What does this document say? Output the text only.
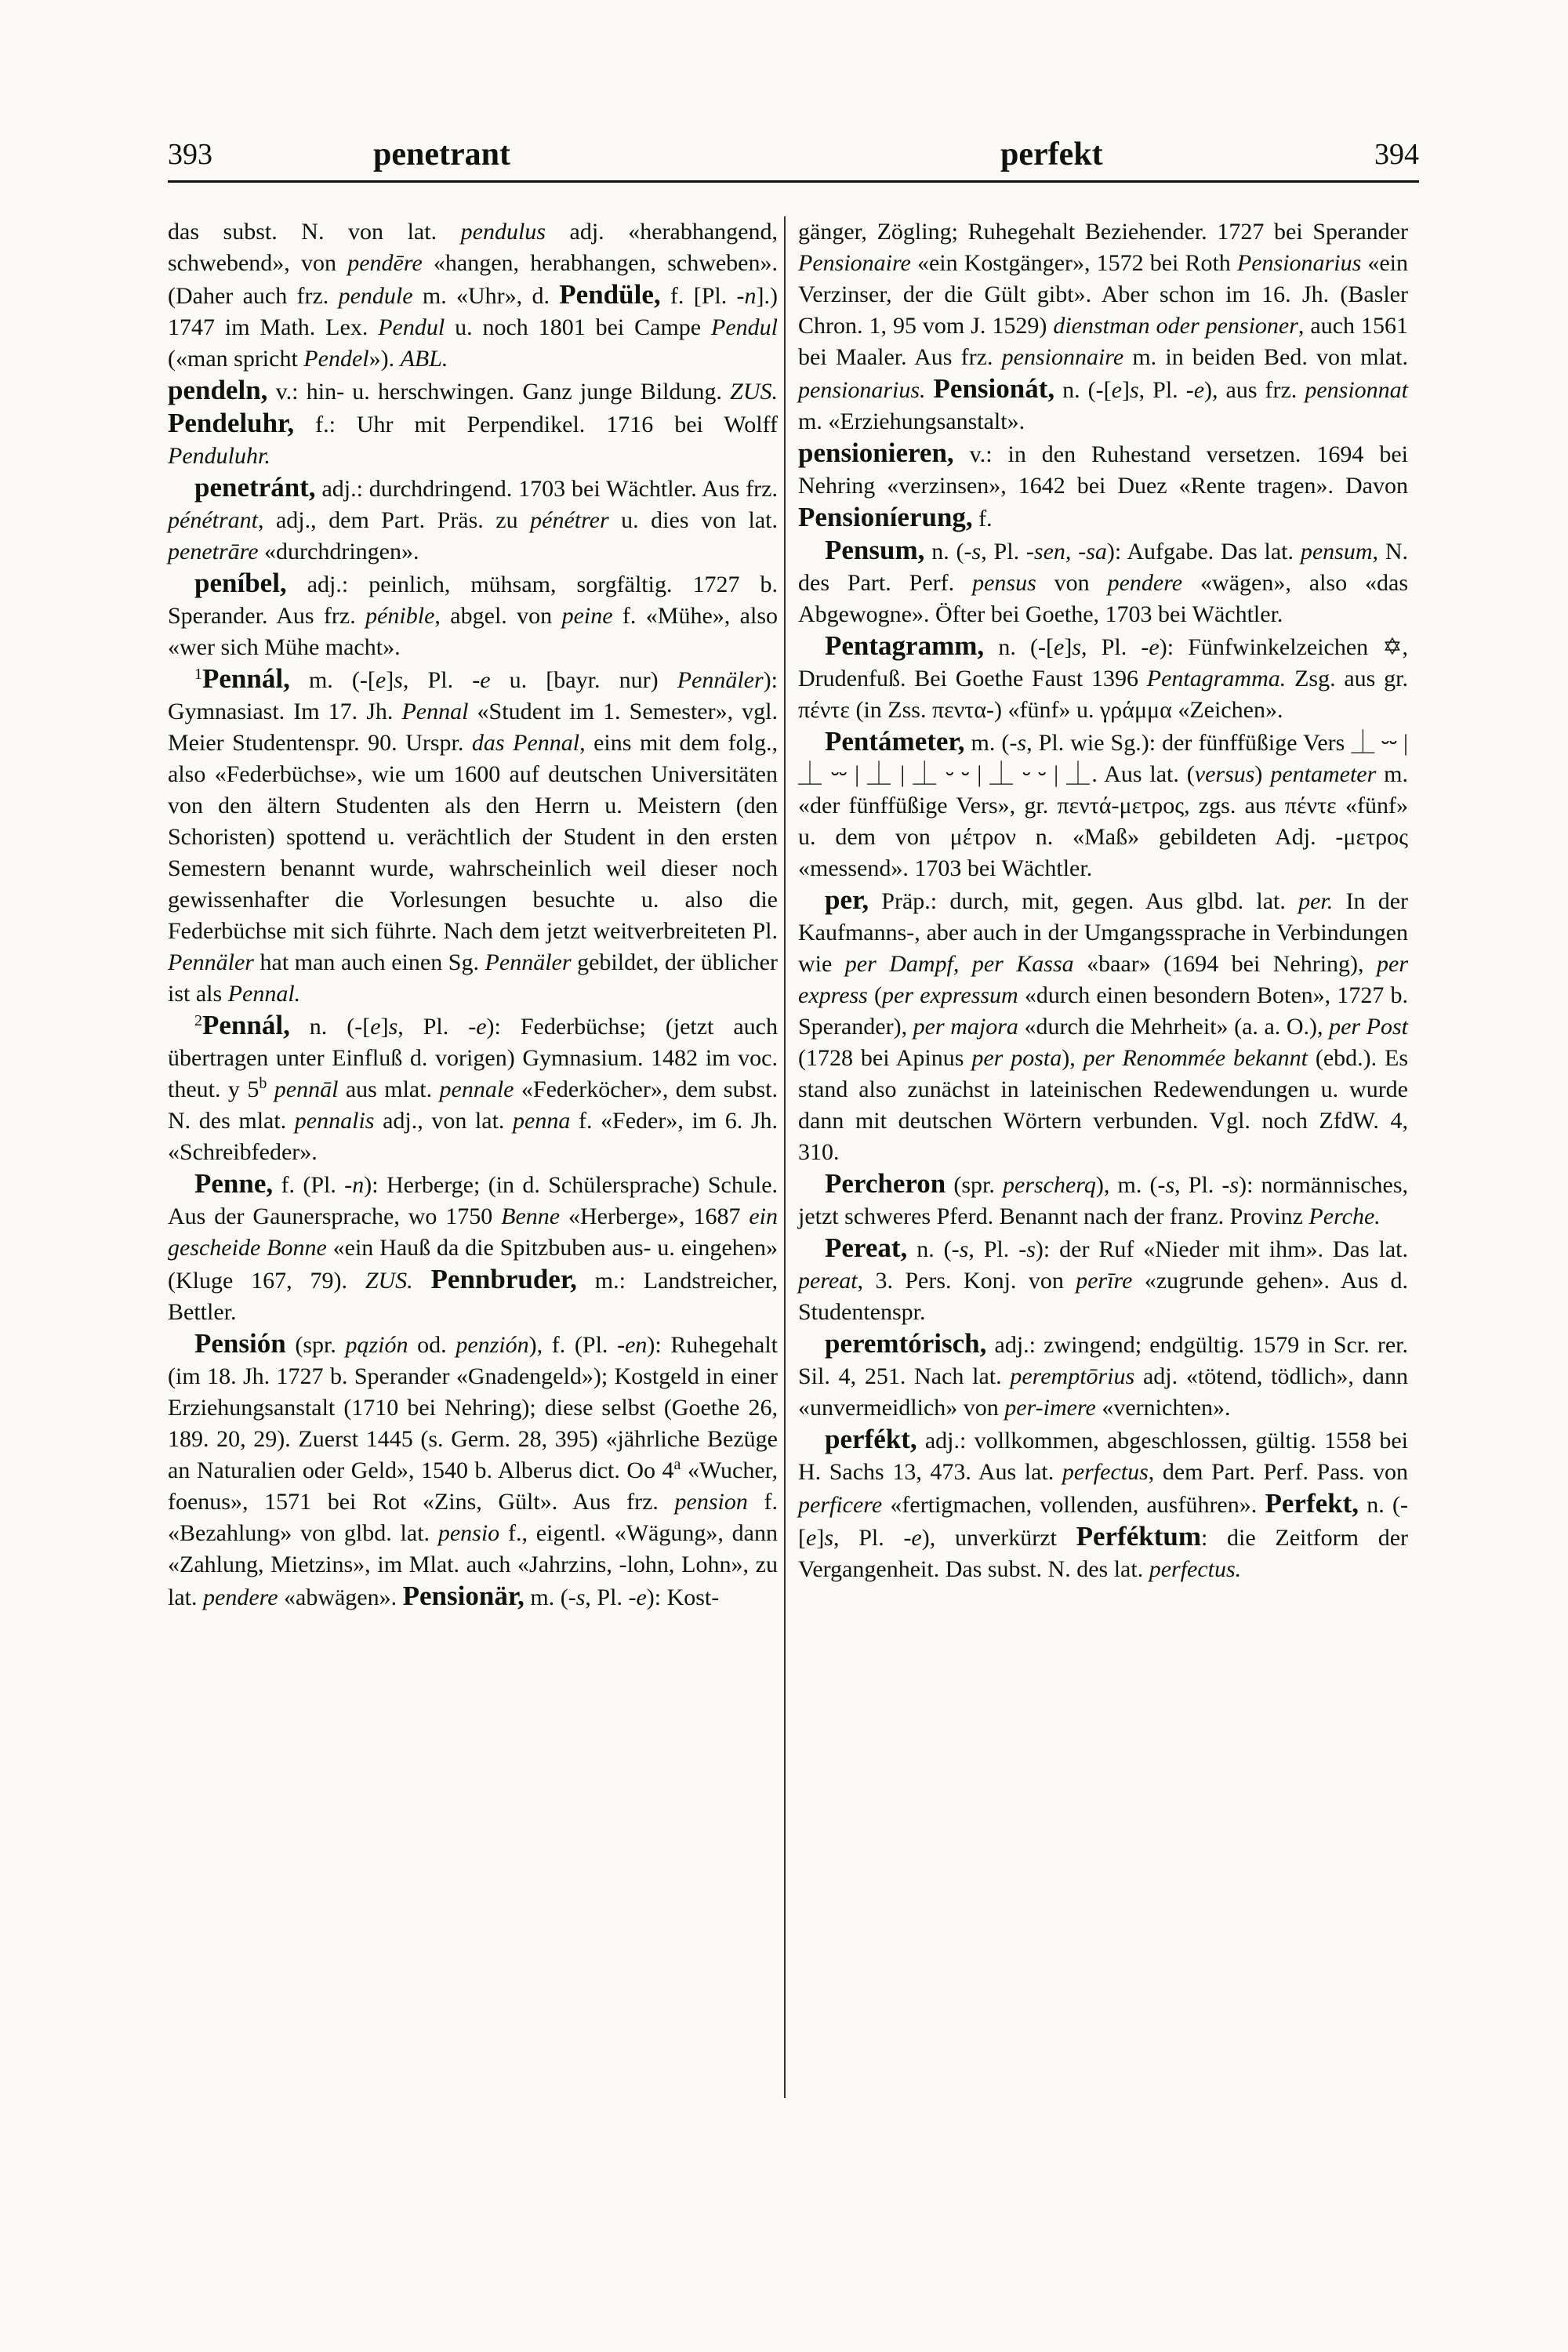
393	penetrant	perfekt	394

das subst. N. von lat. pendulus adj. «herabhangend, schwebend», von pendēre «hangen, herabhangen, schweben». (Daher auch frz. pendule m. «Uhr», d. Pendüle, f. [Pl. -n].) 1747 im Math. Lex. Pendul u. noch 1801 bei Campe Pendul («man spricht Pendel»). ABL.

pendeln, v.: hin- u. herschwingen. Ganz junge Bildung. ZUS. Pendeluhr, f.: Uhr mit Perpendikel. 1716 bei Wolff Penduluhr.

penetránt, adj.: durchdringend. 1703 bei Wächtler. Aus frz. pénétrant, adj., dem Part. Präs. zu pénétrer u. dies von lat. penetrāre «durchdringen».

peníbel, adj.: peinlich, mühsam, sorgfältig. 1727 b. Sperander. Aus frz. pénible, abgel. von peine f. «Mühe», also «wer sich Mühe macht».

$^1$Pennál, m. (-[e]s, Pl. -e u. [bayr. nur) Pennäler): Gymnasiast. Im 17. Jh. Pennal «Student im 1. Semester», vgl. Meier Studentenspr. 90. Urspr. das Pennal, eins mit dem folg., also «Federbüchse», wie um 1600 auf deutschen Universitäten von den ältern Studenten als den Herrn u. Meistern (den Schoristen) spottend u. verächtlich der Student in den ersten Semestern benannt wurde, wahrscheinlich weil dieser noch gewissenhafter die Vorlesungen besuchte u. also die Federbüchse mit sich führte. Nach dem jetzt weitverbreiteten Pl. Pennäler hat man auch einen Sg. Pennäler gebildet, der üblicher ist als Pennal.

$^2$Pennál, n. (-[e]s, Pl. -e): Federbüchse; (jetzt auch übertragen unter Einfluß d. vorigen) Gymnasium. 1482 im voc. theut. y 5$^b$ pennāl aus mlat. pennale «Federköcher», dem subst. N. des mlat. pennalis adj., von lat. penna f. «Feder», im 6. Jh. «Schreibfeder».

Penne, f. (Pl. -n): Herberge; (in d. Schülersprache) Schule. Aus der Gaunersprache, wo 1750 Benne «Herberge», 1687 ein gescheide Bonne «ein Hauß da die Spitzbuben aus- u. eingehen» (Kluge 167, 79). ZUS. Pennbruder, m.: Landstreicher, Bettler.

Pensión (spr. pązión od. penzión), f. (Pl. -en): Ruhegehalt (im 18. Jh. 1727 b. Sperander «Gnadengeld»); Kostgeld in einer Erziehungsanstalt (1710 bei Nehring); diese selbst (Goethe 26, 189. 20, 29). Zuerst 1445 (s. Germ. 28, 395) «jährliche Bezüge an Naturalien oder Geld», 1540 b. Alberus dict. Oo 4$^a$ «Wucher, foenus», 1571 bei Rot «Zins, Gült». Aus frz. pension f. «Bezahlung» von glbd. lat. pensio f., eigentl. «Wägung», dann «Zahlung, Mietzins», im Mlat. auch «Jahrzins, -lohn, Lohn», zu lat. pendere «abwägen». Pensionär, m. (-s, Pl. -e): Kost-

gänger, Zögling; Ruhegehalt Beziehender. 1727 bei Sperander Pensionaire «ein Kostgänger», 1572 bei Roth Pensionarius «ein Verzinser, der die Gült gibt». Aber schon im 16. Jh. (Basler Chron. 1, 95 vom J. 1529) dienstman oder pensioner, auch 1561 bei Maaler. Aus frz. pensionnaire m. in beiden Bed. von mlat. pensionarius. Pensionát, n. (-[e]s, Pl. -e), aus frz. pensionnat m. «Erziehungsanstalt».

pensionieren, v.: in den Ruhestand versetzen. 1694 bei Nehring «verzinsen», 1642 bei Duez «Rente tragen». Davon Pensioníerung, f.

Pensum, n. (-s, Pl. -sen, -sa): Aufgabe. Das lat. pensum, N. des Part. Perf. pensus von pendere «wägen», also «das Abgewogne». Öfter bei Goethe, 1703 bei Wächtler.

Pentagramm, n. (-[e]s, Pl. -e): Fünfwinkelzeichen ✡, Drudenfuß. Bei Goethe Faust 1396 Pentagramma. Zsg. aus gr. πέντε (in Zss. πεντα-) «fünf» u. γράμμα «Zeichen».

Pentámeter, m. (-s, Pl. wie Sg.): der fünffüßige Vers ⏊ ⏑⏑ | ⏊ ⏑⏑ | ⏊ | ⏊ ⏑ ⏑ | ⏊ ⏑ ⏑ | ⏊. Aus lat. (versus) pentameter m. «der fünffüßige Vers», gr. πεντά-μετρος, zgs. aus πέντε «fünf» u. dem von μέτρον n. «Maß» gebildeten Adj. -μετρος «messend». 1703 bei Wächtler.

per, Präp.: durch, mit, gegen. Aus glbd. lat. per. In der Kaufmanns-, aber auch in der Umgangssprache in Verbindungen wie per Dampf, per Kassa «baar» (1694 bei Nehring), per express (per expressum «durch einen besondern Boten», 1727 b. Sperander), per majora «durch die Mehrheit» (a. a. O.), per Post (1728 bei Apinus per posta), per Renommée bekannt (ebd.). Es stand also zunächst in lateinischen Redewendungen u. wurde dann mit deutschen Wörtern verbunden. Vgl. noch ZfdW. 4, 310.

Percheron (spr. perscherq), m. (-s, Pl. -s): normännisches, jetzt schweres Pferd. Benannt nach der franz. Provinz Perche.

Pereat, n. (-s, Pl. -s): der Ruf «Nieder mit ihm». Das lat. pereat, 3. Pers. Konj. von perīre «zugrunde gehen». Aus d. Studentenspr.

peremtórisch, adj.: zwingend; endgültig. 1579 in Scr. rer. Sil. 4, 251. Nach lat. peremptōrius adj. «tötend, tödlich», dann «unvermeidlich» von per-imere «vernichten».

perfékt, adj.: vollkommen, abgeschlossen, gültig. 1558 bei H. Sachs 13, 473. Aus lat. perfectus, dem Part. Perf. Pass. von perficere «fertigmachen, vollenden, ausführen». Perfekt, n. (-[e]s, Pl. -e), unverkürzt Perféktum: die Zeitform der Vergangenheit. Das subst. N. des lat. perfectus.
